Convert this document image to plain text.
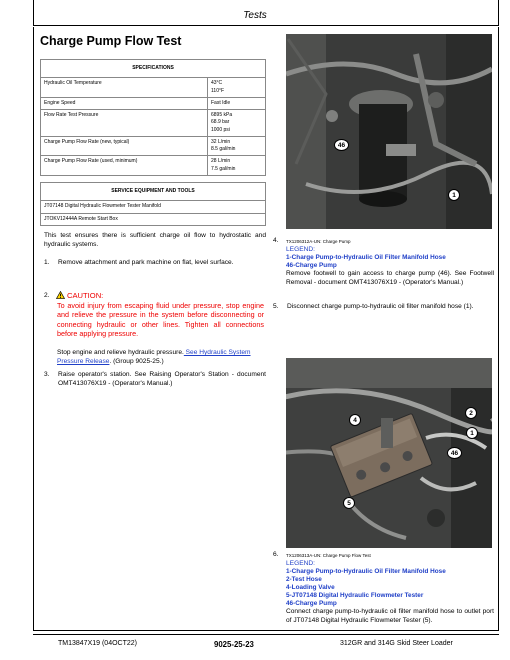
Tests
Charge Pump Flow Test
SPECIFICATIONS	
Hydraulic Oil Temperature	43°C
110°F

Engine Speed	Fast Idle

Flow Rate Test Pressure	6895 kPa
68.9 bar
1000 psi

Charge Pump Flow Rate (new, typical)	32 L/min
8.5 gal/min

Charge Pump Flow Rate (used, minimum)	28 L/min
7.5 gal/min
SERVICE EQUIPMENT AND TOOLS
JT07148 Digital Hydraulic Flowmeter Tester Manifold
JTOKV12444A Remote Start Box
This test ensures there is sufficient charge oil flow to hydrostatic and hydraulic systems.
1. Remove attachment and park machine on flat, level surface.
2.	CAUTION:
To avoid injury from escaping fluid under pressure, stop engine and relieve the pressure in the system before disconnecting or connecting hydraulic or other lines. Tighten all connections before applying pressure.
Stop engine and relieve hydraulic pressure. See Hydraulic System Pressure Release. (Group 9025-25.)
3. Raise operator's station. See Raising Operator's Station - document OMT413076X19 - (Operator's Manual.)
46
1
4. TX1206312A-UN: Charge Pump
LEGEND:
1-Charge Pump-to-Hydraulic Oil Filter Manifold Hose
46-Charge Pump
Remove footwell to gain access to charge pump (46). See Footwell Removal - document OMT413076X19 - (Operator's Manual.)
5. Disconnect charge pump-to-hydraulic oil filter manifold hose (1).
4
2
1
46
5
6. TX1206313A-UN: Charge Pump Flow Test
LEGEND:
1-Charge Pump-to-Hydraulic Oil Filter Manifold Hose
2-Test Hose
4-Loading Valve
5-JT07148 Digital Hydraulic Flowmeter Tester
46-Charge Pump
Connect charge pump-to-hydraulic oil filter manifold hose to outlet port of JT07148 Digital Hydraulic Flowmeter Tester (5).
TM13847X19 (04OCT22)	9025-25-23	312GR and 314G Skid Steer Loader
